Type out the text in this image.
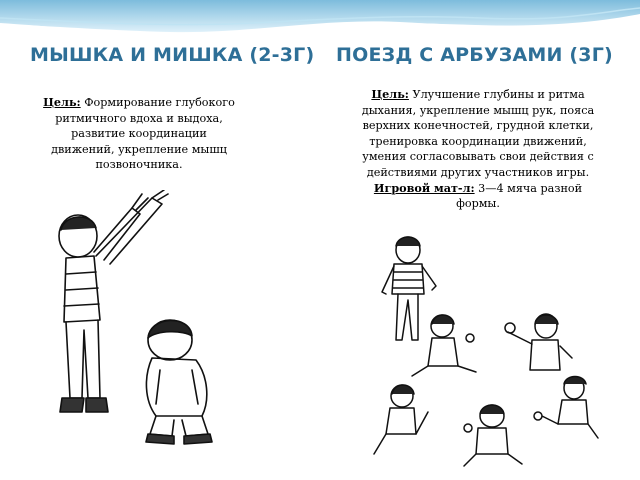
МЫШКА И МИШКА (2-3Г) ПОЕЗД С АРБУЗАМИ (3Г)
Цель: Формирование глубокого ритмичного вдоха и выдоха, развитие координации движений, укрепление мышц позвоночника.
Цель: Улучшение глубины и ритма дыхания, укрепление мышц рук, пояса верхних конечностей, грудной клетки, тренировка координации движений, умения согласовывать свои действия с действиями других участников игры.
Игровой мат-л: 3—4 мяча разной формы.
